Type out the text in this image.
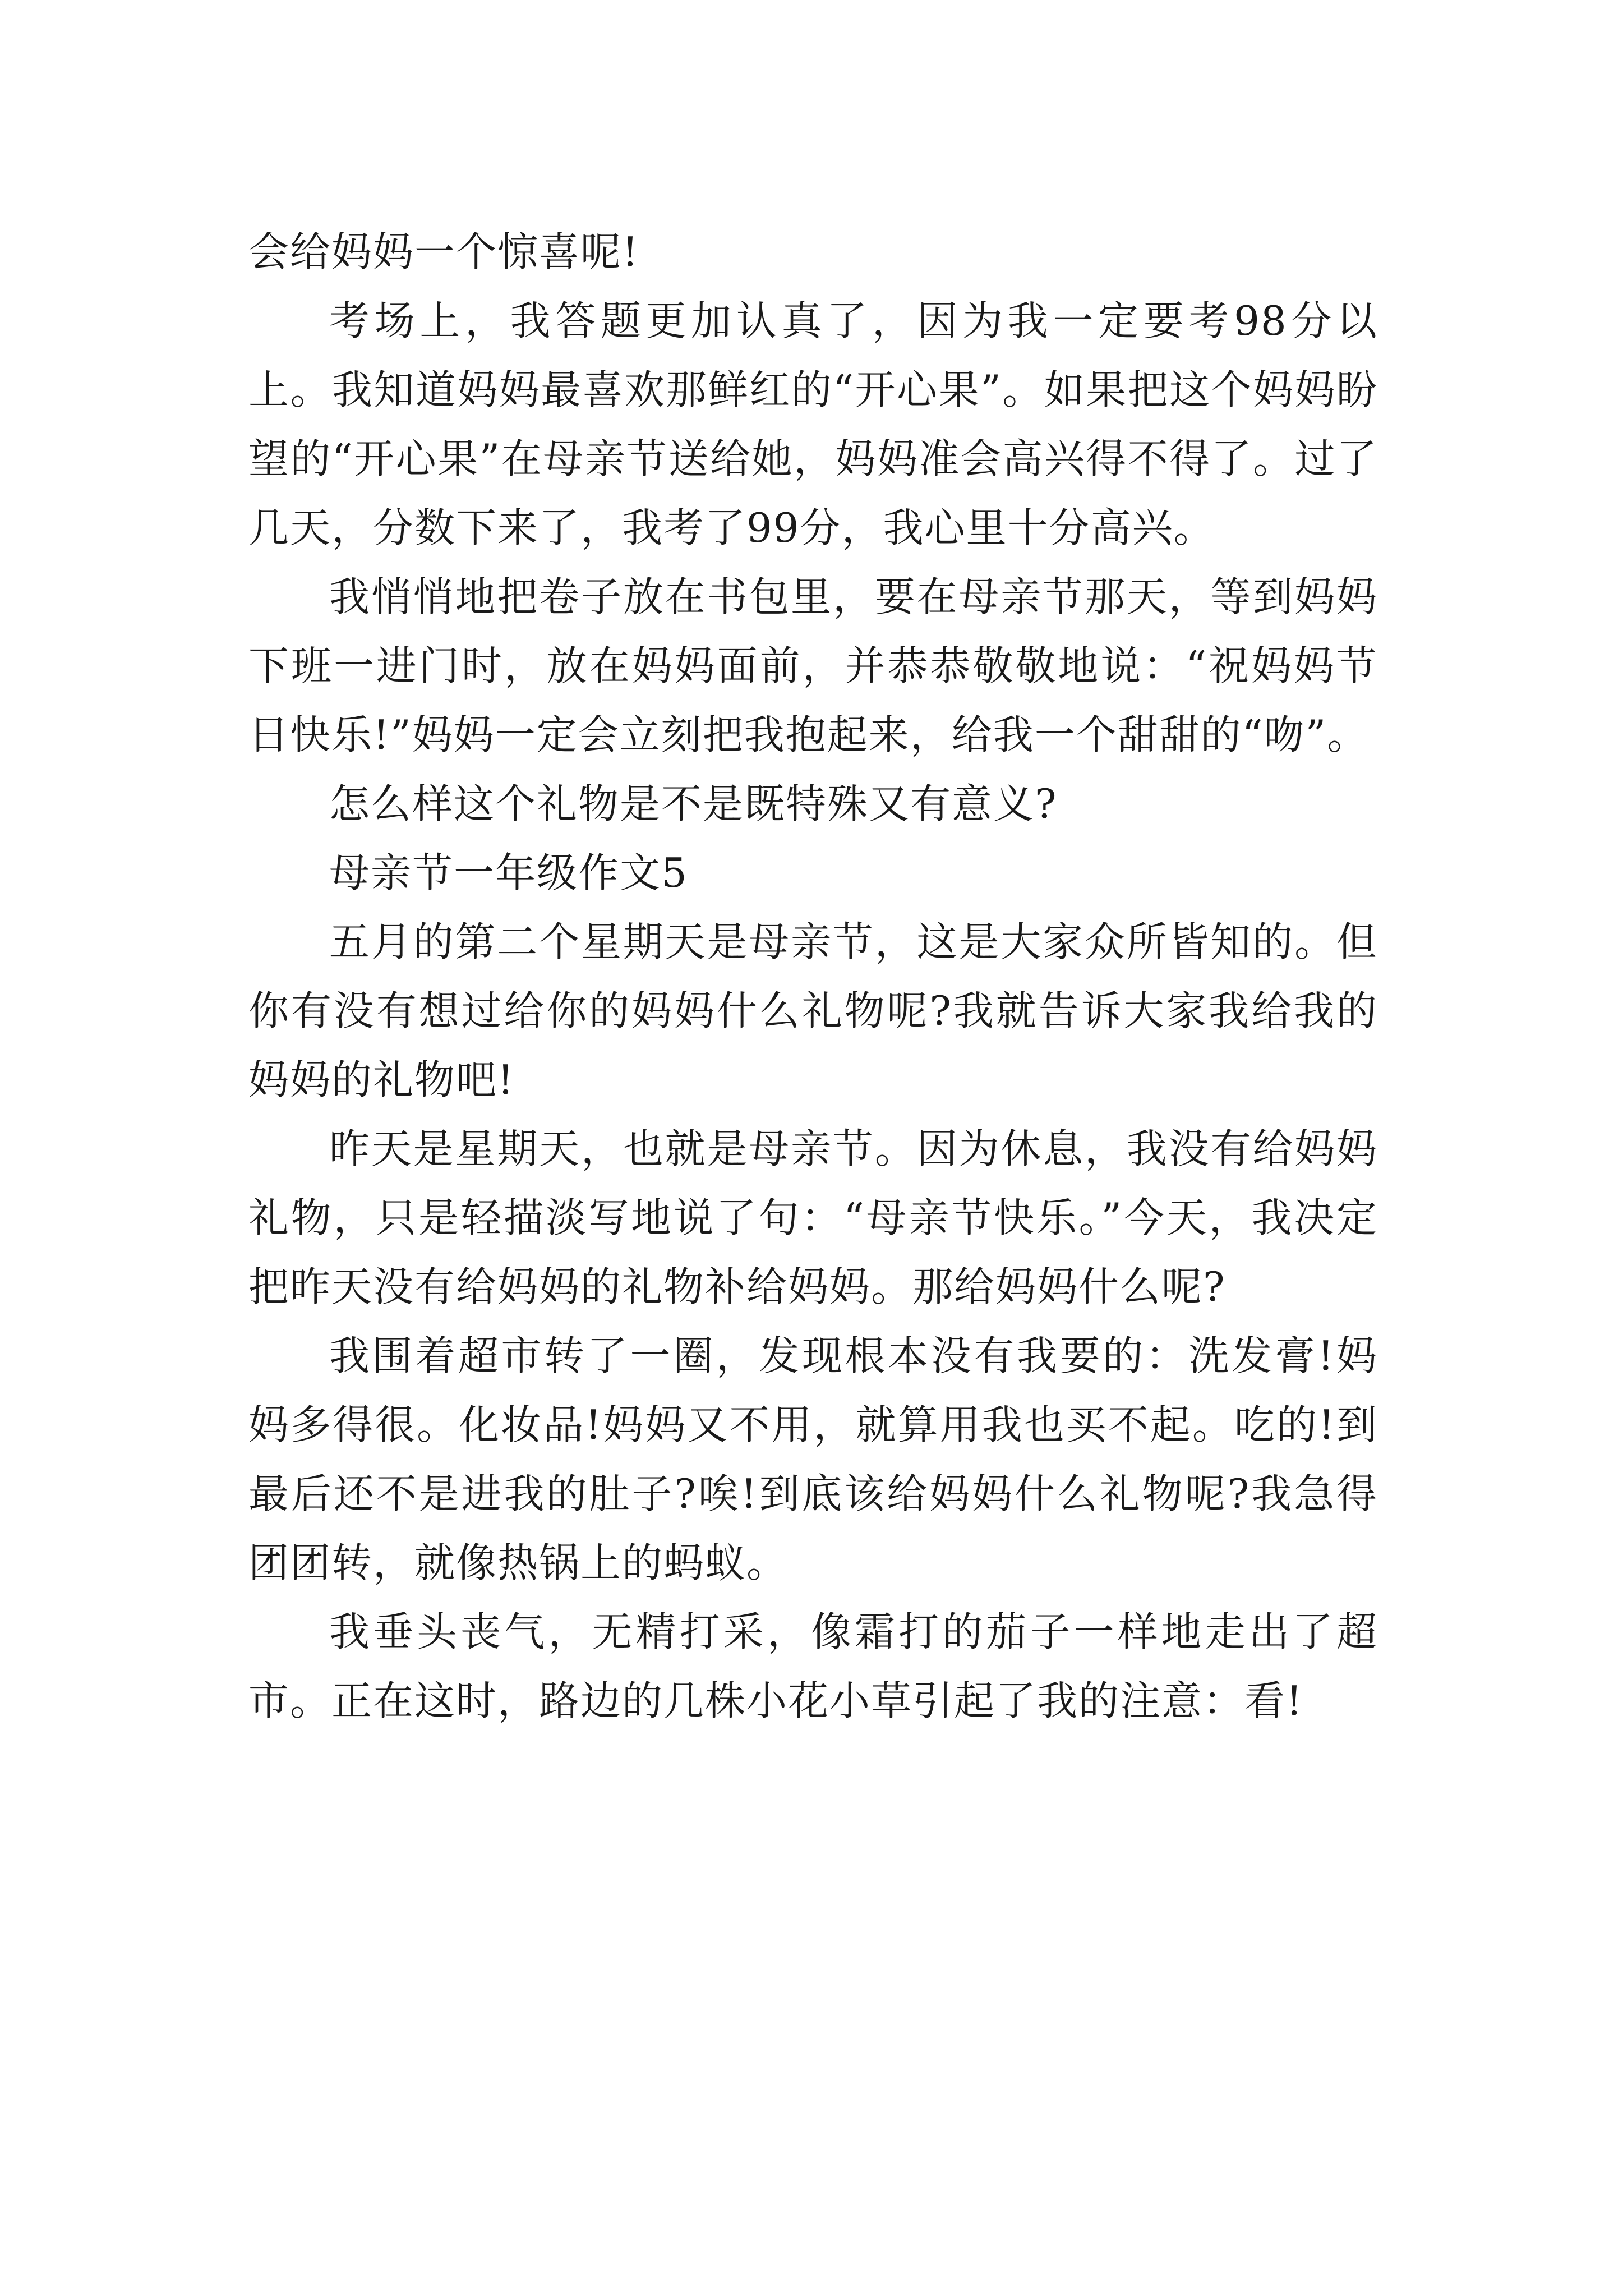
会给妈妈一个惊喜呢!

考场上，我答题更加认真了，因为我一定要考98分以上。我知道妈妈最喜欢那鲜红的“开心果”。如果把这个妈妈盼望的“开心果”在母亲节送给她，妈妈准会高兴得不得了。过了几天，分数下来了，我考了99分，我心里十分高兴。

我悄悄地把卷子放在书包里，要在母亲节那天，等到妈妈下班一进门时，放在妈妈面前，并恭恭敬敬地说：“祝妈妈节日快乐!”妈妈一定会立刻把我抱起来，给我一个甜甜的“吻”。

怎么样这个礼物是不是既特殊又有意义?

母亲节一年级作文5

五月的第二个星期天是母亲节，这是大家众所皆知的。但你有没有想过给你的妈妈什么礼物呢?我就告诉大家我给我的妈妈的礼物吧!

昨天是星期天，也就是母亲节。因为休息，我没有给妈妈礼物，只是轻描淡写地说了句：“母亲节快乐。”今天，我决定把昨天没有给妈妈的礼物补给妈妈。那给妈妈什么呢?

我围着超市转了一圈，发现根本没有我要的：洗发膏!妈妈多得很。化妆品!妈妈又不用，就算用我也买不起。吃的!到最后还不是进我的肚子?唉!到底该给妈妈什么礼物呢?我急得团团转，就像热锅上的蚂蚁。

我垂头丧气，无精打采，像霜打的茄子一样地走出了超市。正在这时，路边的几株小花小草引起了我的注意：看!
